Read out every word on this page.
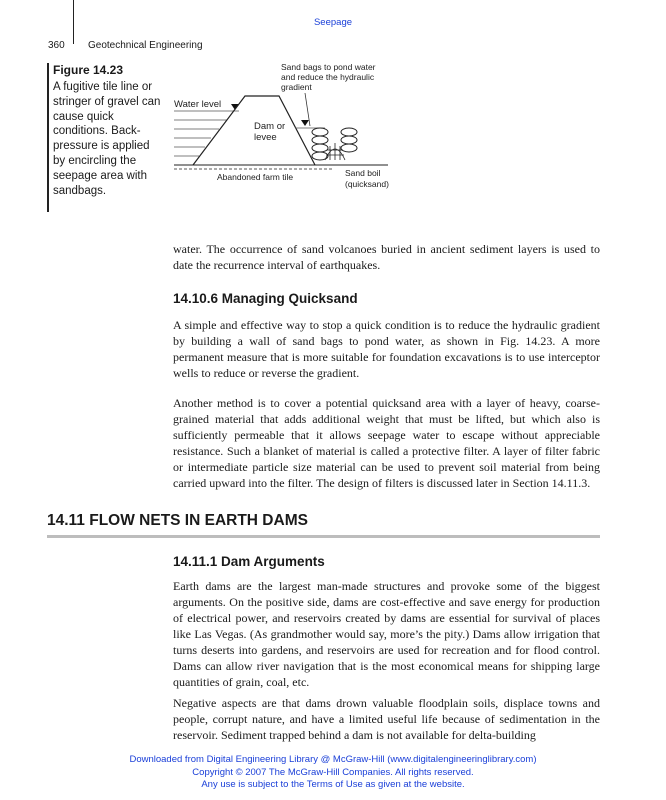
Seepage
360 Geotechnical Engineering
Figure 14.23
A fugitive tile line or stringer of gravel can cause quick conditions. Back-pressure is applied by encircling the seepage area with sandbags.
Sand bags to pond water
and reduce the hydraulic
gradient
Water level
Dam or
levee
Abandoned farm tile	Sand boil
(quicksand)

water. The occurrence of sand volcanoes buried in ancient sediment layers is used to date the recurrence interval of earthquakes.

14.10.6 Managing Quicksand

A simple and effective way to stop a quick condition is to reduce the hydraulic gradient by building a wall of sand bags to pond water, as shown in Fig. 14.23. A more permanent measure that is more suitable for foundation excavations is to use interceptor wells to reduce or reverse the gradient.

Another method is to cover a potential quicksand area with a layer of heavy, coarse-grained material that adds additional weight that must be lifted, but which also is sufficiently permeable that it allows seepage water to escape without appreciable resistance. Such a blanket of material is called a protective filter. A layer of filter fabric or intermediate particle size material can be used to prevent soil material from being carried upward into the filter. The design of filters is discussed later in Section 14.11.3.

14.11 FLOW NETS IN EARTH DAMS
14.11.1 Dam Arguments

Earth dams are the largest man-made structures and provoke some of the biggest arguments. On the positive side, dams are cost-effective and save energy for production of electrical power, and reservoirs created by dams are essential for survival of places like Las Vegas. (As grandmother would say, more’s the pity.) Dams allow irrigation that turns deserts into gardens, and reservoirs are used for recreation and for flood control. Dams can allow river navigation that is the most economical means for shipping large quantities of grain, coal, etc.

Negative aspects are that dams drown valuable floodplain soils, displace towns and people, corrupt nature, and have a limited useful life because of sedimentation in the reservoir. Sediment trapped behind a dam is not available for delta-building

Downloaded from Digital Engineering Library @ McGraw-Hill (www.digitalengineeringlibrary.com)
Copyright © 2007 The McGraw-Hill Companies. All rights reserved.
Any use is subject to the Terms of Use as given at the website.
